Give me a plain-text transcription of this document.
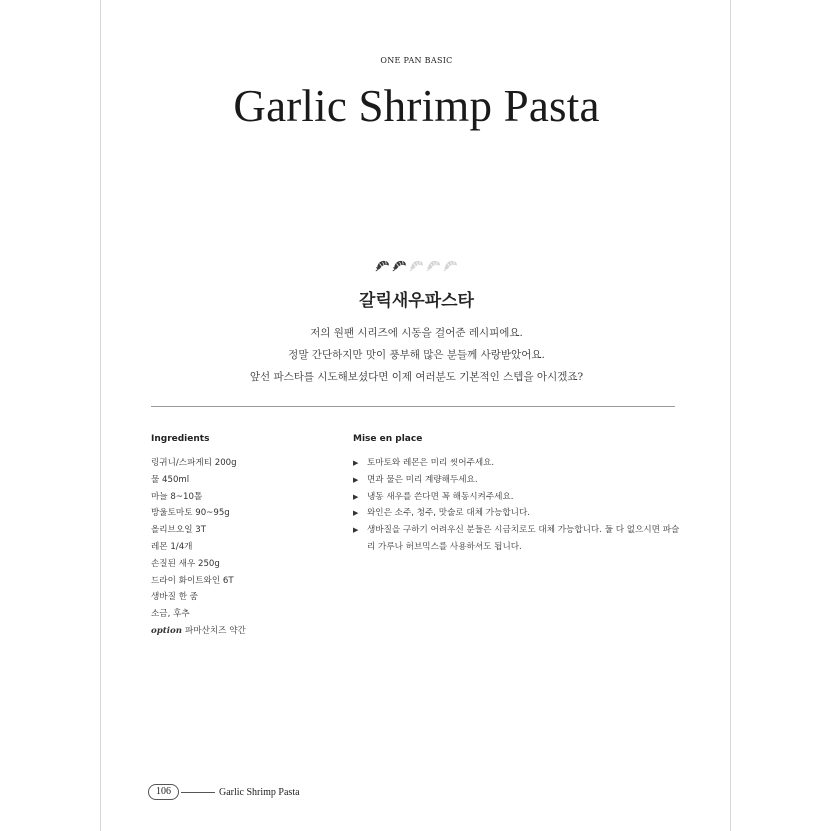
ONE PAN BASIC
Garlic Shrimp Pasta
갈릭새우파스타
저의 원팬 시리즈에 시동을 걸어준 레시피에요.
정말 간단하지만 맛이 풍부해 많은 분들께 사랑받았어요.
앞선 파스타를 시도해보셨다면 이제 여러분도 기본적인 스텝을 아시겠죠?
Ingredients	Mise en place
링귀니/스파게티 200g
물 450ml
마늘 8~10톨
방울토마토 90~95g
올리브오일 3T
레몬 1/4개
손질된 새우 250g
드라이 화이트와인 6T
생바질 한 줌
소금, 후추
option 파마산치즈 약간
▶ 토마토와 레몬은 미리 씻어주세요.
▶ 면과 물은 미리 계량해두세요.
▶ 냉동 새우를 쓴다면 꼭 해동시켜주세요.
▶ 와인은 소주, 청주, 맛술로 대체 가능합니다.
▶ 생바질을 구하기 어려우신 분들은 시금치로도 대체 가능합니다. 둘 다 없으시면 파슬리 가루나 허브믹스를 사용하셔도 됩니다.
106	Garlic Shrimp Pasta
